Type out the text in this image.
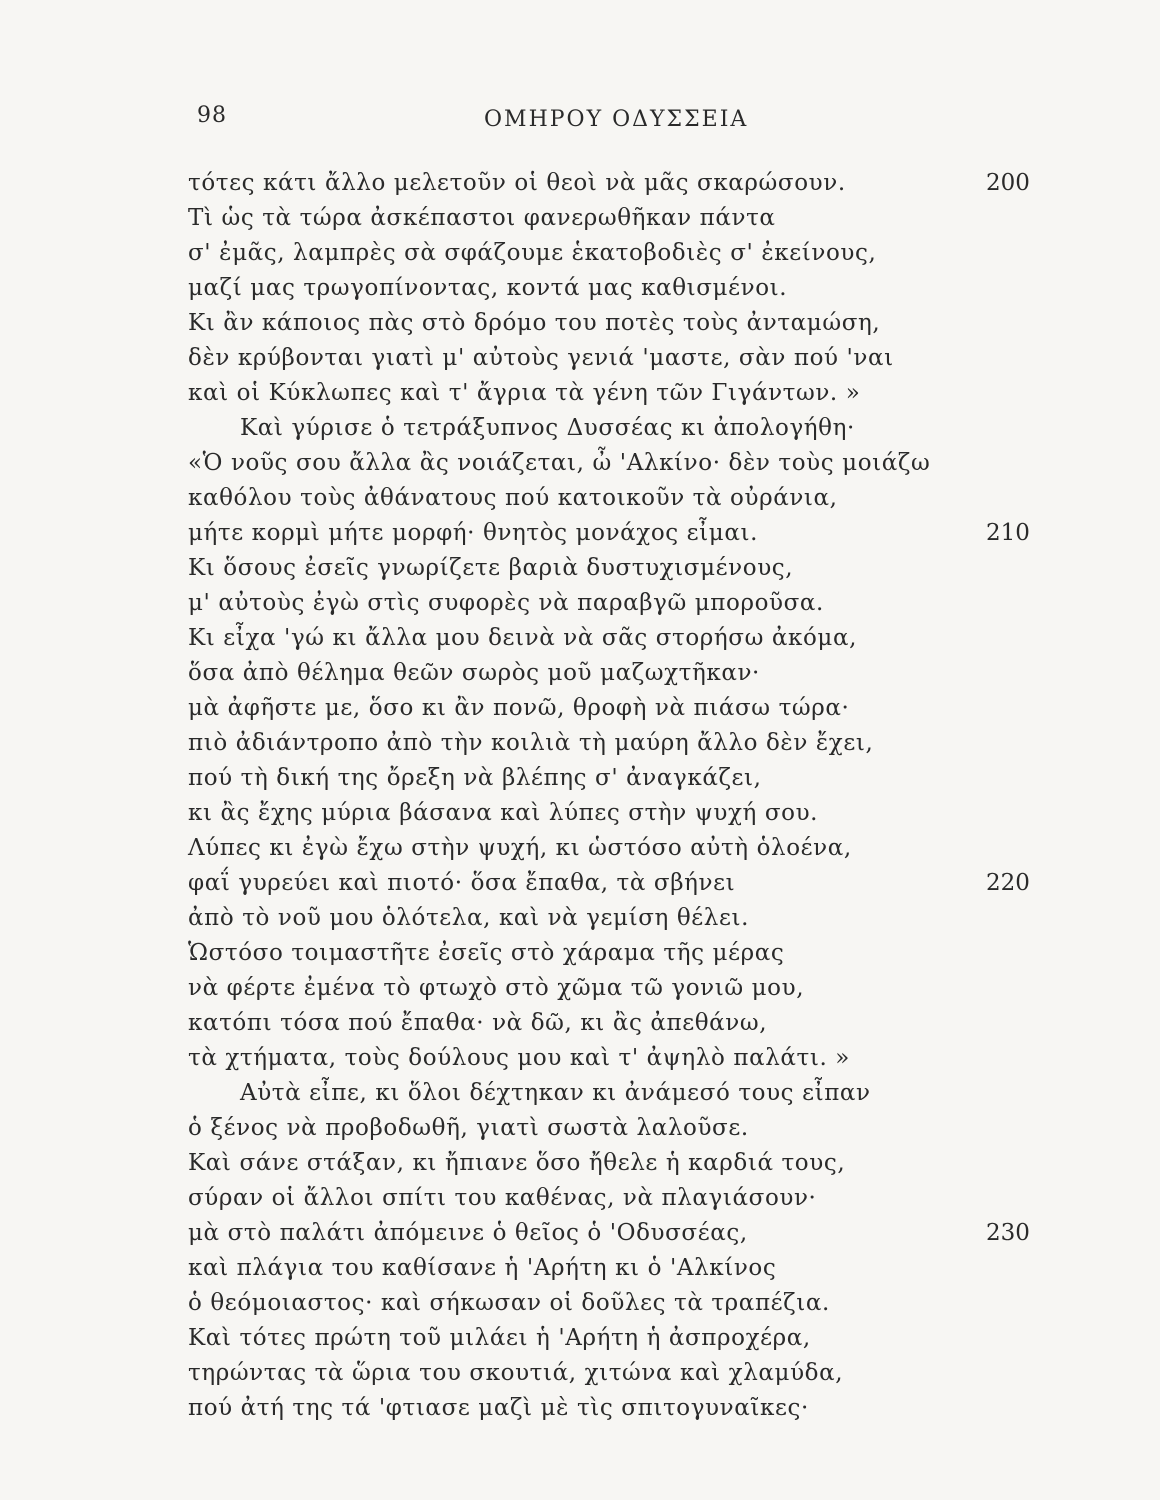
98	ΟΜΗΡΟΥ ΟΔΥΣΣΕΙΑ
τότες κάτι ἄλλο μελετοῦν οἱ θεοὶ νὰ μᾶς σκαρώσουν.
Τὶ ὡς τὰ τώρα ἀσκέπαστοι φανερωθῆκαν πάντα
σ' ἐμᾶς, λαμπρὲς σὰ σφάζουμε ἑκατοβοδιὲς σ' ἐκείνους,
μαζί μας τρωγοπίνοντας, κοντά μας καθισμένοι.
Κι ἂν κάποιος πὰς στὸ δρόμο του ποτὲς τοὺς ἀνταμώση,
δὲν κρύβονται γιατὶ μ' αὐτοὺς γενιά 'μαστε, σὰν πού 'ναι
καὶ οἱ Κύκλωπες καὶ τ' ἄγρια τὰ γένη τῶν Γιγάντων. »
Καὶ γύρισε ὁ τετράξυπνος Δυσσέας κι ἀπολογήθη·
«Ὁ νοῦς σου ἄλλα ἂς νοιάζεται, ὦ 'Αλκίνο· δὲν τοὺς μοιάζω
καθόλου τοὺς ἀθάνατους πού κατοικοῦν τὰ οὐράνια,
μήτε κορμὶ μήτε μορφή· θνητὸς μονάχος εἶμαι.
Κι ὅσους ἐσεῖς γνωρίζετε βαριὰ δυστυχισμένους,
μ' αὐτοὺς ἐγὼ στὶς συφορὲς νὰ παραβγῶ μποροῦσα.
Κι εἶχα 'γώ κι ἄλλα μου δεινὰ νὰ σᾶς στορήσω ἀκόμα,
ὅσα ἀπὸ θέλημα θεῶν σωρὸς μοῦ μαζωχτῆκαν·
μὰ ἀφῆστε με, ὅσο κι ἂν πονῶ, θροφὴ νὰ πιάσω τώρα·
πιὸ ἀδιάντροπο ἀπὸ τὴν κοιλιὰ τὴ μαύρη ἄλλο δὲν ἔχει,
πού τὴ δική της ὄρεξη νὰ βλέπης σ' ἀναγκάζει,
κι ἂς ἔχης μύρια βάσανα καὶ λύπες στὴν ψυχή σου.
Λύπες κι ἐγὼ ἔχω στὴν ψυχή, κι ὡστόσο αὐτὴ ὁλοένα,
φαΐ γυρεύει καὶ πιοτό· ὅσα ἔπαθα, τὰ σβήνει
ἀπὸ τὸ νοῦ μου ὁλότελα, καὶ νὰ γεμίση θέλει.
Ὡστόσο τοιμαστῆτε ἐσεῖς στὸ χάραμα τῆς μέρας
νὰ φέρτε ἐμένα τὸ φτωχὸ στὸ χῶμα τῶ γονιῶ μου,
κατόπι τόσα πού ἔπαθα· νὰ δῶ, κι ἂς ἀπεθάνω,
τὰ χτήματα, τοὺς δούλους μου καὶ τ' ἀψηλὸ παλάτι. »
Αὐτὰ εἶπε, κι ὅλοι δέχτηκαν κι ἀνάμεσό τους εἶπαν
ὁ ξένος νὰ προβοδωθῆ, γιατὶ σωστὰ λαλοῦσε.
Καὶ σάνε στάξαν, κι ἤπιανε ὅσο ἤθελε ἡ καρδιά τους,
σύραν οἱ ἄλλοι σπίτι του καθένας, νὰ πλαγιάσουν·
μὰ στὸ παλάτι ἀπόμεινε ὁ θεῖος ὁ 'Οδυσσέας,
καὶ πλάγια του καθίσανε ἡ 'Αρήτη κι ὁ 'Αλκίνος
ὁ θεόμοιαστος· καὶ σήκωσαν οἱ δοῦλες τὰ τραπέζια.
Καὶ τότες πρώτη τοῦ μιλάει ἡ 'Αρήτη ἡ ἀσπροχέρα,
τηρώντας τὰ ὥρια του σκουτιά, χιτώνα καὶ χλαμύδα,
πού ἀτή της τά 'φτιασε μαζὶ μὲ τὶς σπιτογυναῖκες·
200
210
220
230
